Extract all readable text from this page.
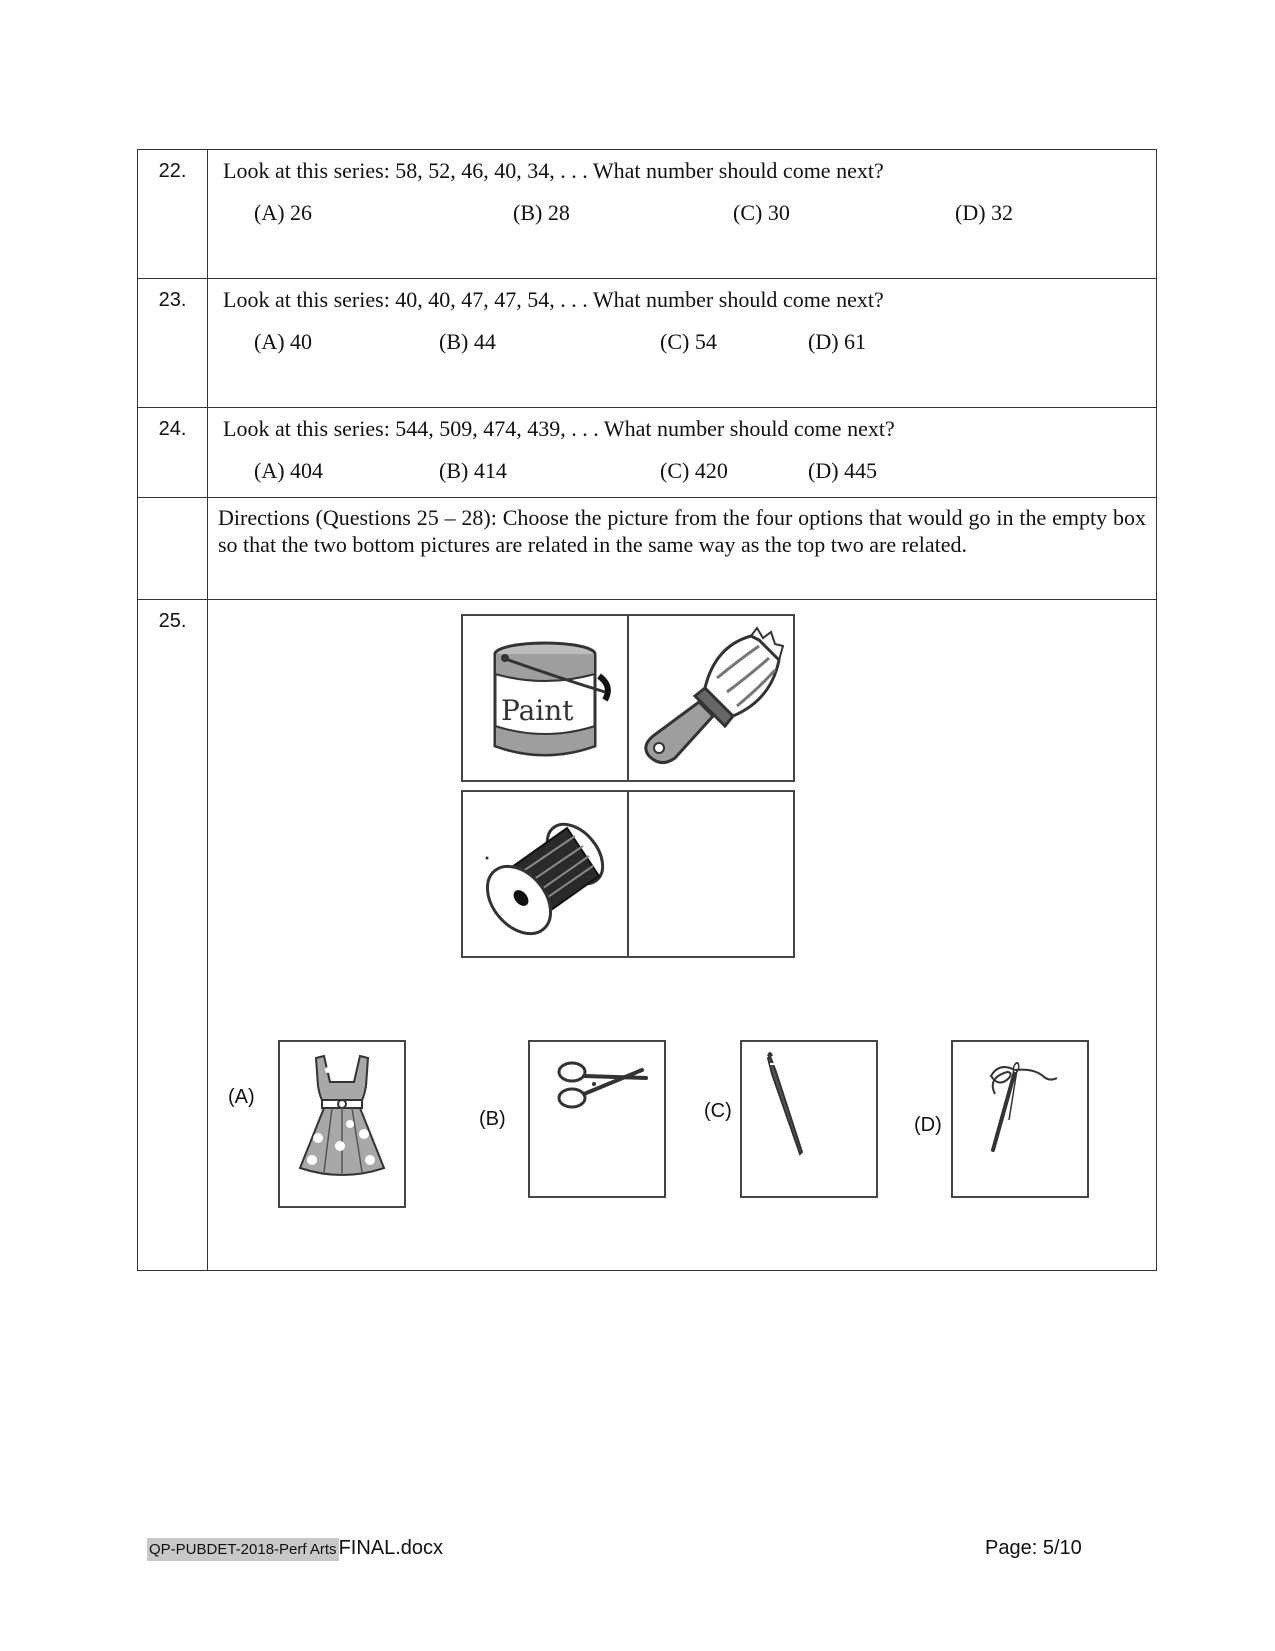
22.	Look at this series: 58, 52, 46, 40, 34, . . . What number should come next?
(A) 26 (B) 28 (C) 30 (D) 32

23.	Look at this series: 40, 40, 47, 47, 54, . . . What number should come next?
(A) 40 (B) 44 (C) 54 (D) 61

24.	Look at this series: 544, 509, 474, 439, . . . What number should come next?
(A) 404 (B) 414 (C) 420 (D) 445

	Directions (Questions 25 – 28): Choose the picture from the four options that would go in the empty box so that the two bottom pictures are related in the same way as the top two are related.
25.	Paint
(A)
(B) (C)
(D)
QP-PUBDET-2018-Perf Arts FINAL.docx	Page: 5/10
